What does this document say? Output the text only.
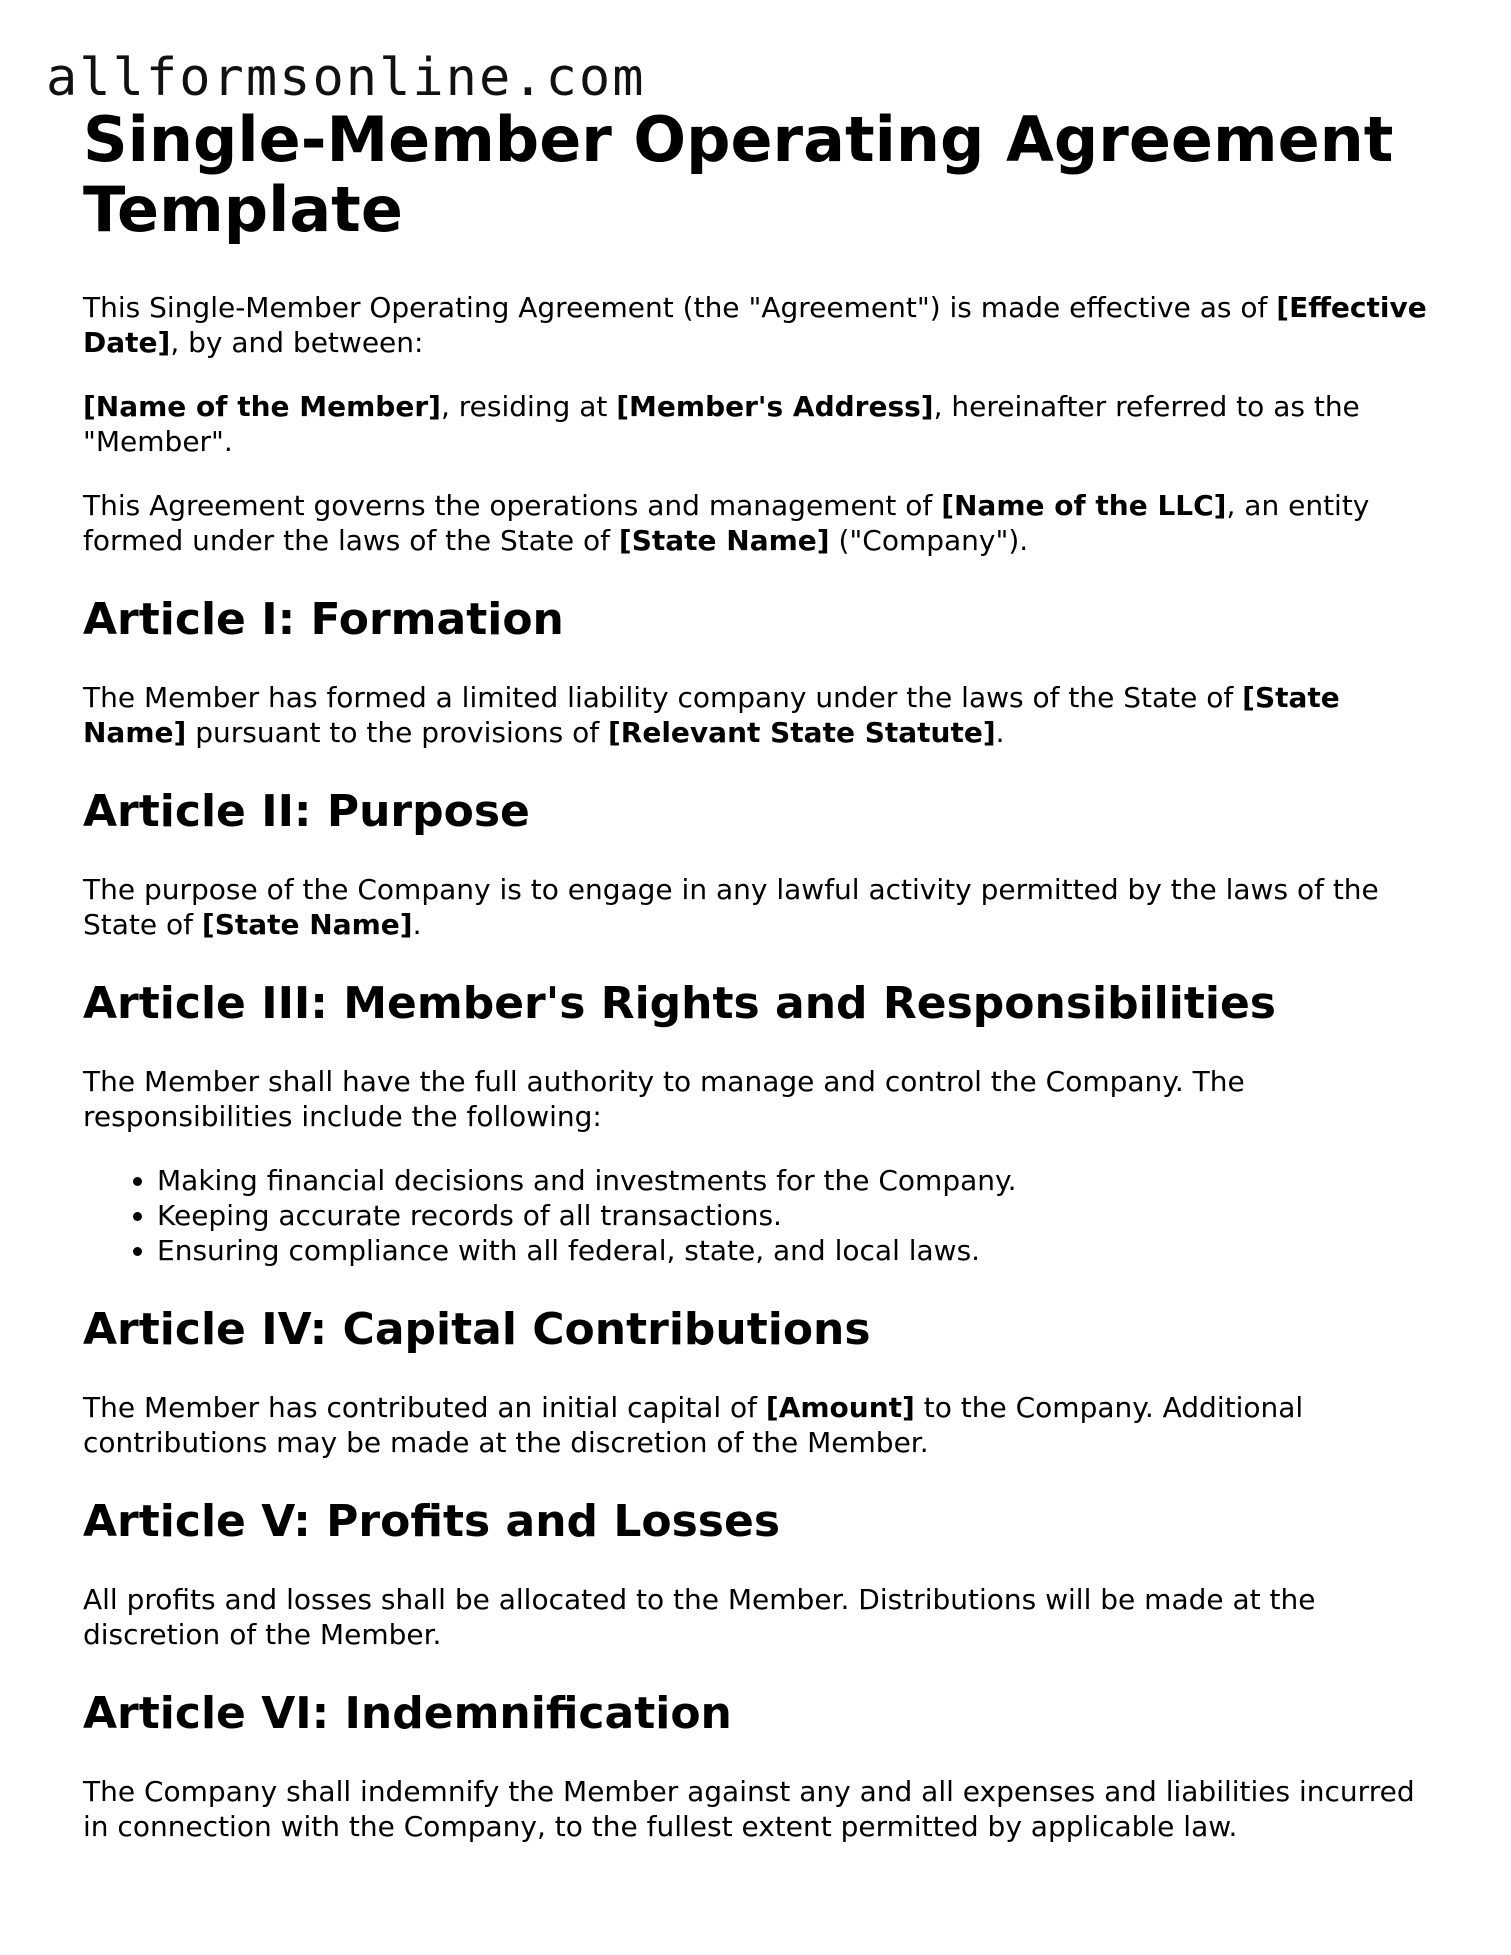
allformsonline.com
Single-Member Operating Agreement Template

This Single-Member Operating Agreement (the "Agreement") is made effective as of [Effective Date], by and between:

[Name of the Member], residing at [Member's Address], hereinafter referred to as the "Member".

This Agreement governs the operations and management of [Name of the LLC], an entity formed under the laws of the State of [State Name] ("Company").

Article I: Formation

The Member has formed a limited liability company under the laws of the State of [State Name] pursuant to the provisions of [Relevant State Statute].

Article II: Purpose

The purpose of the Company is to engage in any lawful activity permitted by the laws of the State of [State Name].

Article III: Member's Rights and Responsibilities

The Member shall have the full authority to manage and control the Company. The responsibilities include the following:

• Making financial decisions and investments for the Company.
• Keeping accurate records of all transactions.
• Ensuring compliance with all federal, state, and local laws.
Article IV: Capital Contributions

The Member has contributed an initial capital of [Amount] to the Company. Additional contributions may be made at the discretion of the Member.

Article V: Profits and Losses

All profits and losses shall be allocated to the Member. Distributions will be made at the discretion of the Member.

Article VI: Indemnification

The Company shall indemnify the Member against any and all expenses and liabilities incurred in connection with the Company, to the fullest extent permitted by applicable law.
